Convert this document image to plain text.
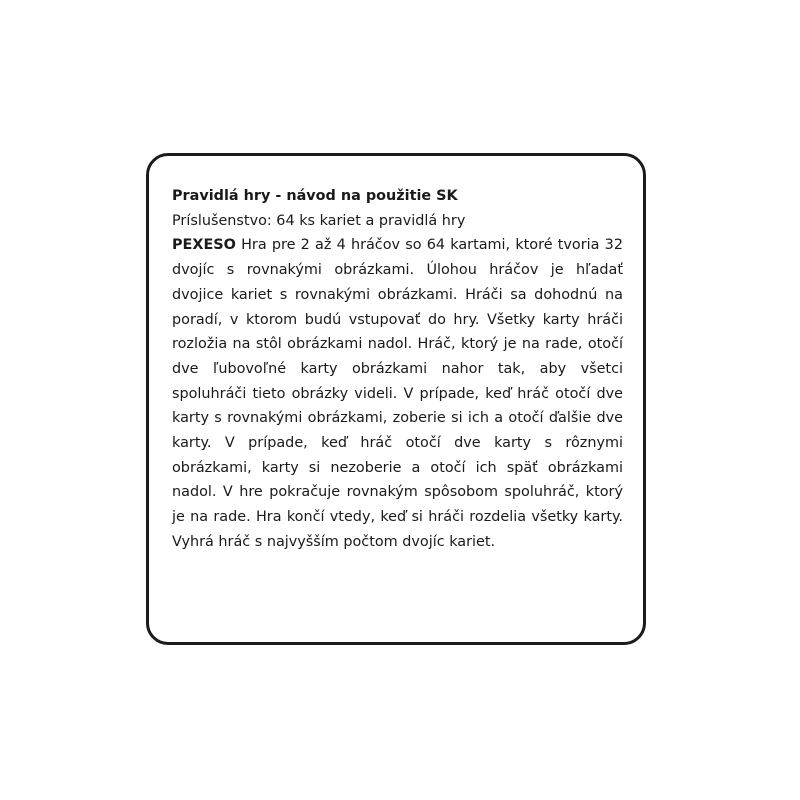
Pravidlá hry - návod na použitie SK

Príslušenstvo: 64 ks kariet a pravidlá hry

PEXESO Hra pre 2 až 4 hráčov so 64 kartami, ktoré tvoria 32 dvojíc s rovnakými obrázkami. Úlohou hráčov je hľadať dvojice kariet s rovnakými obrázkami. Hráči sa dohodnú na poradí, v ktorom budú vstupovať do hry. Všetky karty hráči rozložia na stôl obrázkami nadol. Hráč, ktorý je na rade, otočí dve ľubovoľné karty obrázkami nahor tak, aby všetci spoluhráči tieto obrázky videli. V prípade, keď hráč otočí dve karty s rovnakými obrázkami, zoberie si ich a otočí ďalšie dve karty. V prípade, keď hráč otočí dve karty s rôznymi obrázkami, karty si nezoberie a otočí ich späť obrázkami nadol. V hre pokračuje rovnakým spôsobom spoluhráč, ktorý je na rade. Hra končí vtedy, keď si hráči rozdelia všetky karty. Vyhrá hráč s najvyšším počtom dvojíc kariet.
